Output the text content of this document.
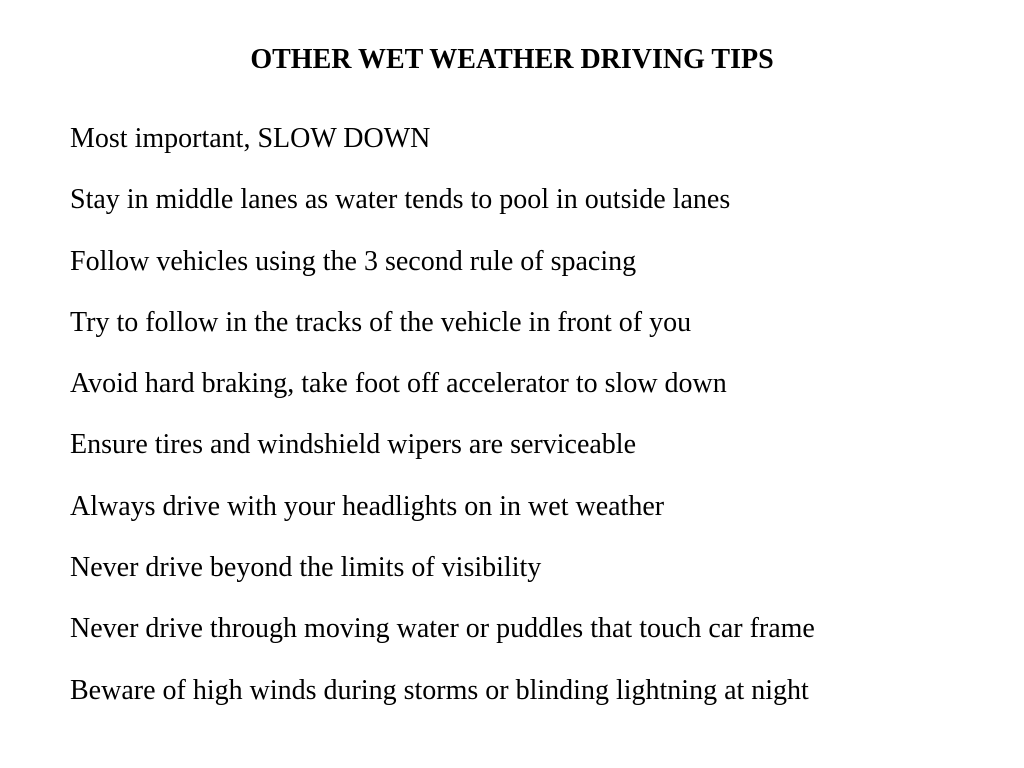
OTHER WET WEATHER DRIVING TIPS
Most important, SLOW DOWN
Stay in middle lanes as water tends to pool in outside lanes
Follow vehicles using the 3 second rule of spacing
Try to follow in the tracks of the vehicle in front of you
Avoid hard braking, take foot off accelerator to slow down
Ensure tires and windshield wipers are serviceable
Always drive with your headlights on in wet weather
Never drive beyond the limits of visibility
Never drive through moving water or puddles that touch car frame
Beware of high winds during storms or blinding lightning at night
